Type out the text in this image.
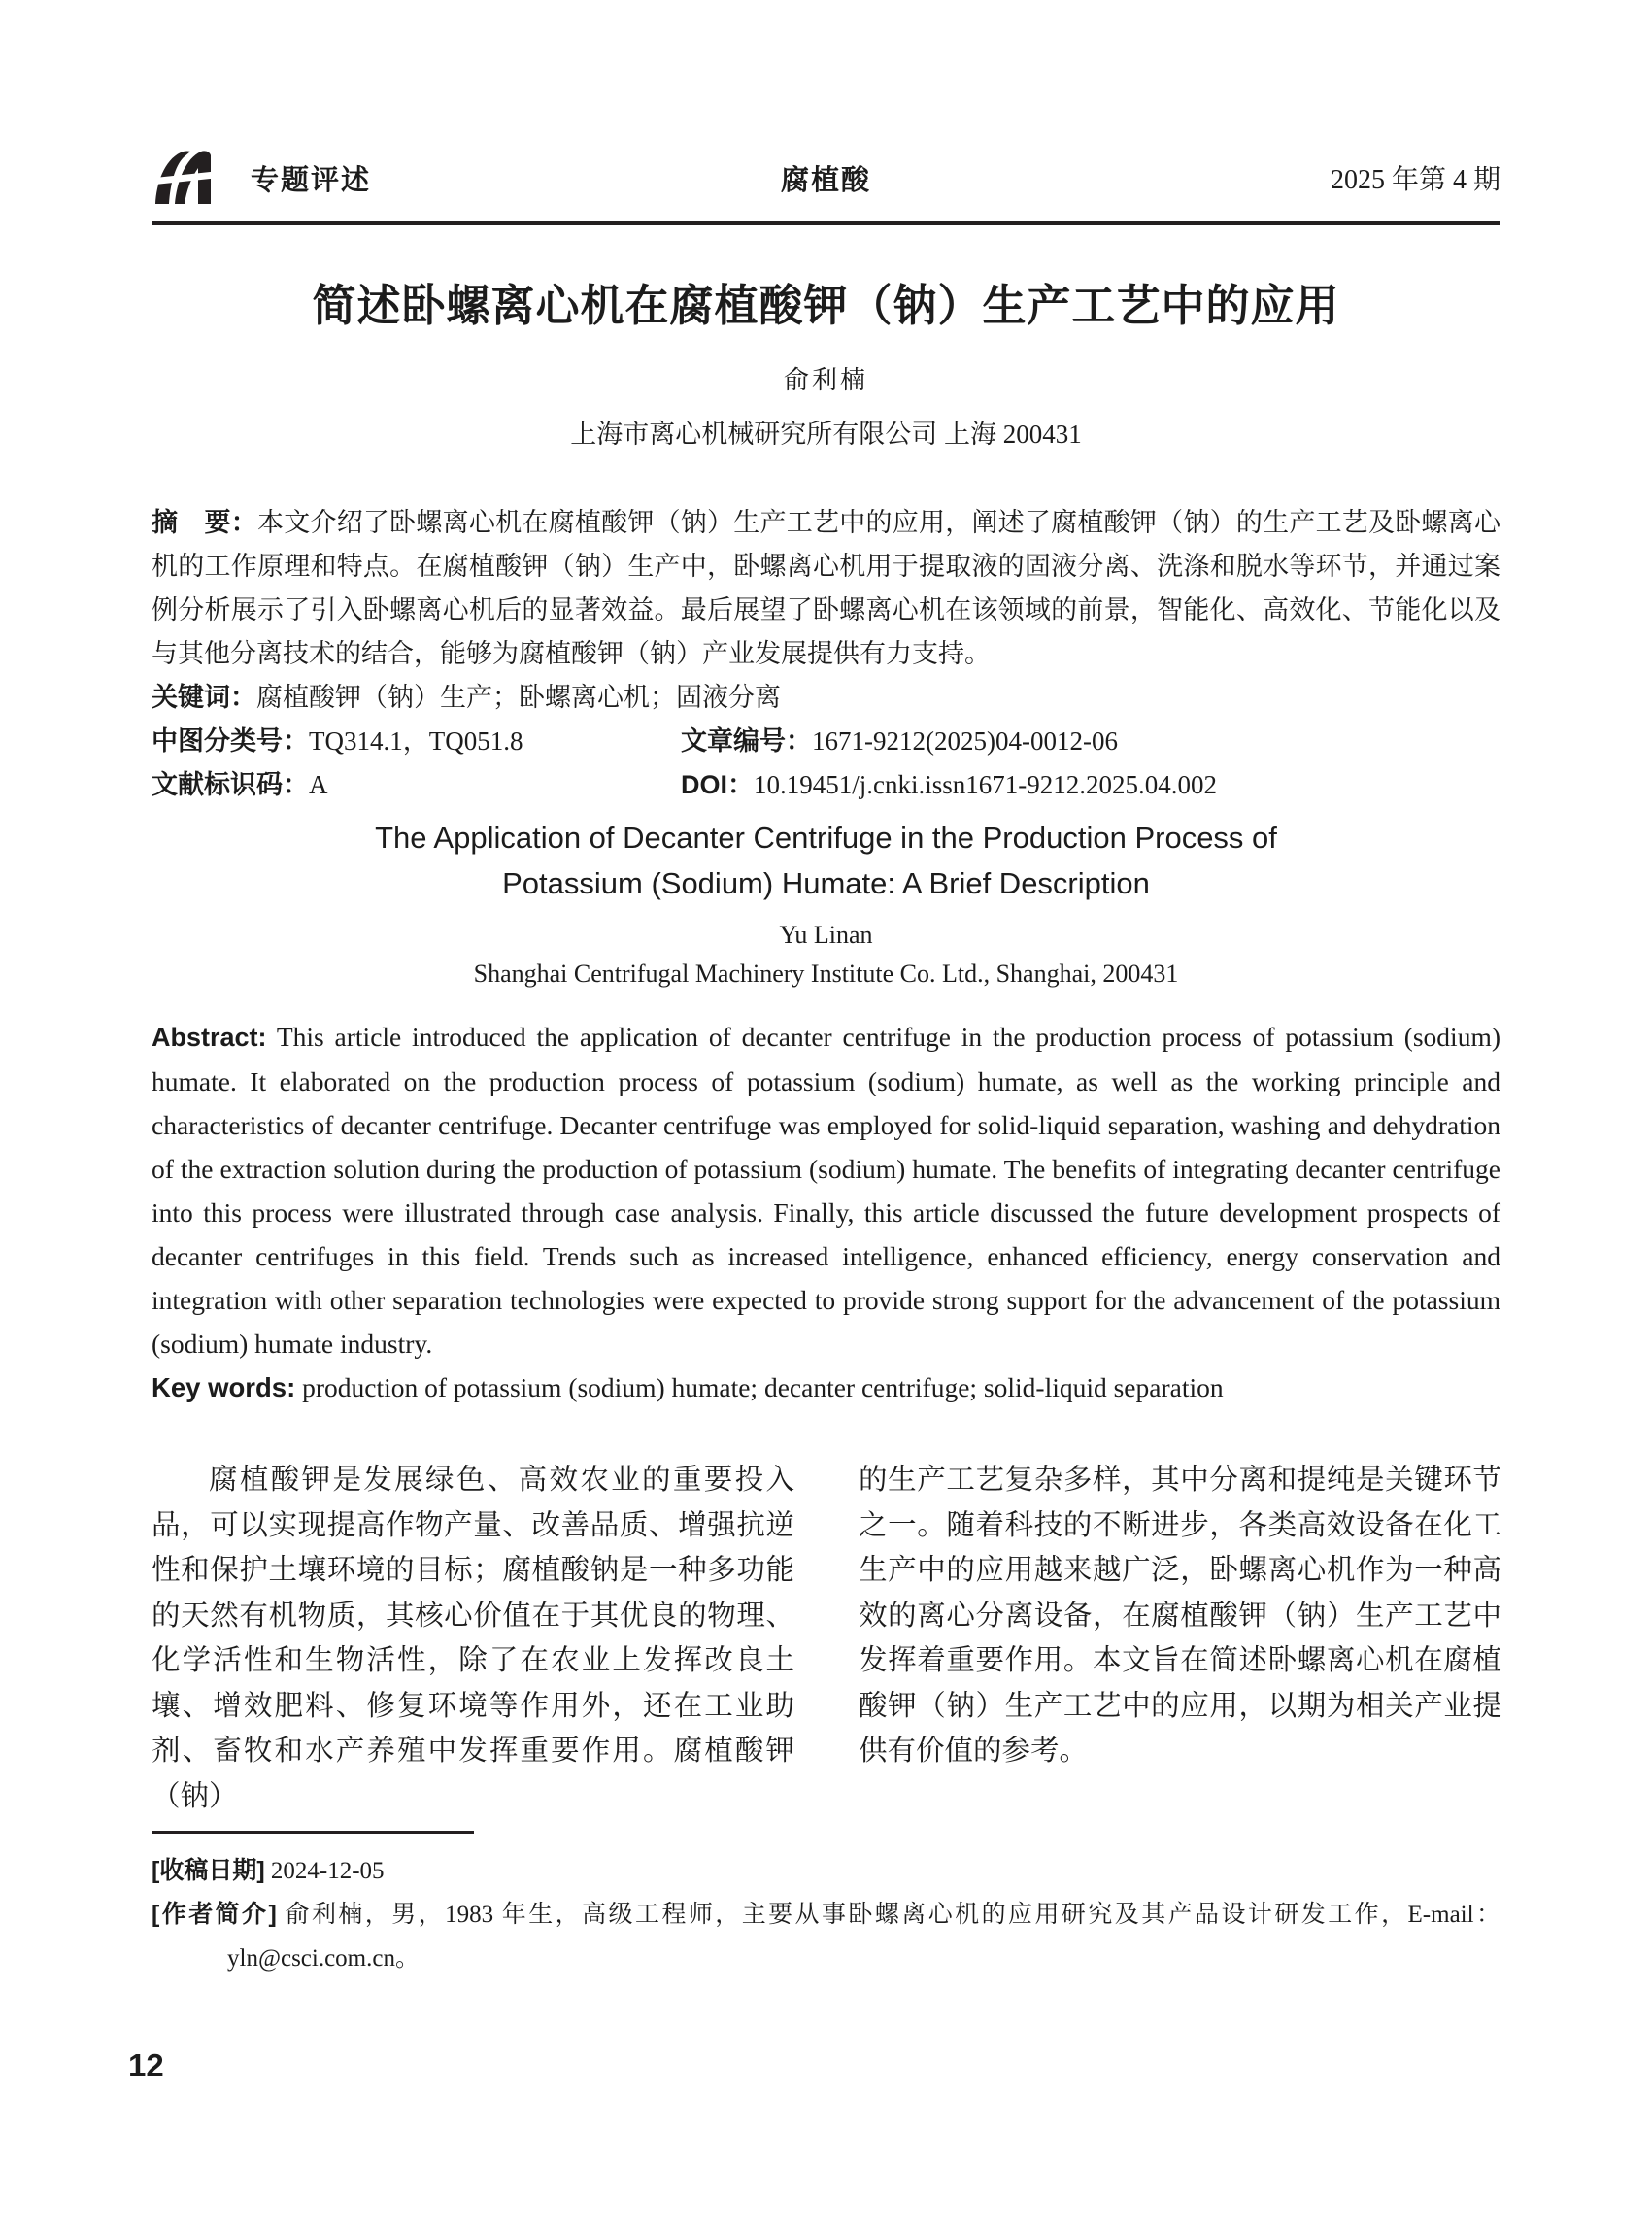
专题评述	腐植酸	2025 年第 4 期
简述卧螺离心机在腐植酸钾（钠）生产工艺中的应用
俞利楠
上海市离心机械研究所有限公司 上海 200431

摘　要：本文介绍了卧螺离心机在腐植酸钾（钠）生产工艺中的应用，阐述了腐植酸钾（钠）的生产工艺及卧螺离心机的工作原理和特点。在腐植酸钾（钠）生产中，卧螺离心机用于提取液的固液分离、洗涤和脱水等环节，并通过案例分析展示了引入卧螺离心机后的显著效益。最后展望了卧螺离心机在该领域的前景，智能化、高效化、节能化以及与其他分离技术的结合，能够为腐植酸钾（钠）产业发展提供有力支持。

关键词：腐植酸钾（钠）生产；卧螺离心机；固液分离

中图分类号：TQ314.1，TQ051.8	文章编号：1671-9212(2025)04-0012-06
文献标识码：A	DOI：10.19451/j.cnki.issn1671-9212.2025.04.002
The Application of Decanter Centrifuge in the Production Process of
Potassium (Sodium) Humate: A Brief Description
Yu Linan
Shanghai Centrifugal Machinery Institute Co. Ltd., Shanghai, 200431

Abstract: This article introduced the application of decanter centrifuge in the production process of potassium (sodium) humate. It elaborated on the production process of potassium (sodium) humate, as well as the working principle and characteristics of decanter centrifuge. Decanter centrifuge was employed for solid-liquid separation, washing and dehydration of the extraction solution during the production of potassium (sodium) humate. The benefits of integrating decanter centrifuge into this process were illustrated through case analysis. Finally, this article discussed the future development prospects of decanter centrifuges in this field. Trends such as increased intelligence, enhanced efficiency, energy conservation and integration with other separation technologies were expected to provide strong support for the advancement of the potassium (sodium) humate industry.

Key words: production of potassium (sodium) humate; decanter centrifuge; solid-liquid separation

腐植酸钾是发展绿色、高效农业的重要投入品，可以实现提高作物产量、改善品质、增强抗逆性和保护土壤环境的目标；腐植酸钠是一种多功能的天然有机物质，其核心价值在于其优良的物理、化学活性和生物活性，除了在农业上发挥改良土壤、增效肥料、修复环境等作用外，还在工业助剂、畜牧和水产养殖中发挥重要作用。腐植酸钾（钠）

的生产工艺复杂多样，其中分离和提纯是关键环节之一。随着科技的不断进步，各类高效设备在化工生产中的应用越来越广泛，卧螺离心机作为一种高效的离心分离设备，在腐植酸钾（钠）生产工艺中发挥着重要作用。本文旨在简述卧螺离心机在腐植酸钾（钠）生产工艺中的应用，以期为相关产业提供有价值的参考。

[收稿日期] 2024-12-05

[作者简介] 俞利楠，男，1983 年生，高级工程师，主要从事卧螺离心机的应用研究及其产品设计研发工作，E-mail：yln@csci.com.cn。

12
